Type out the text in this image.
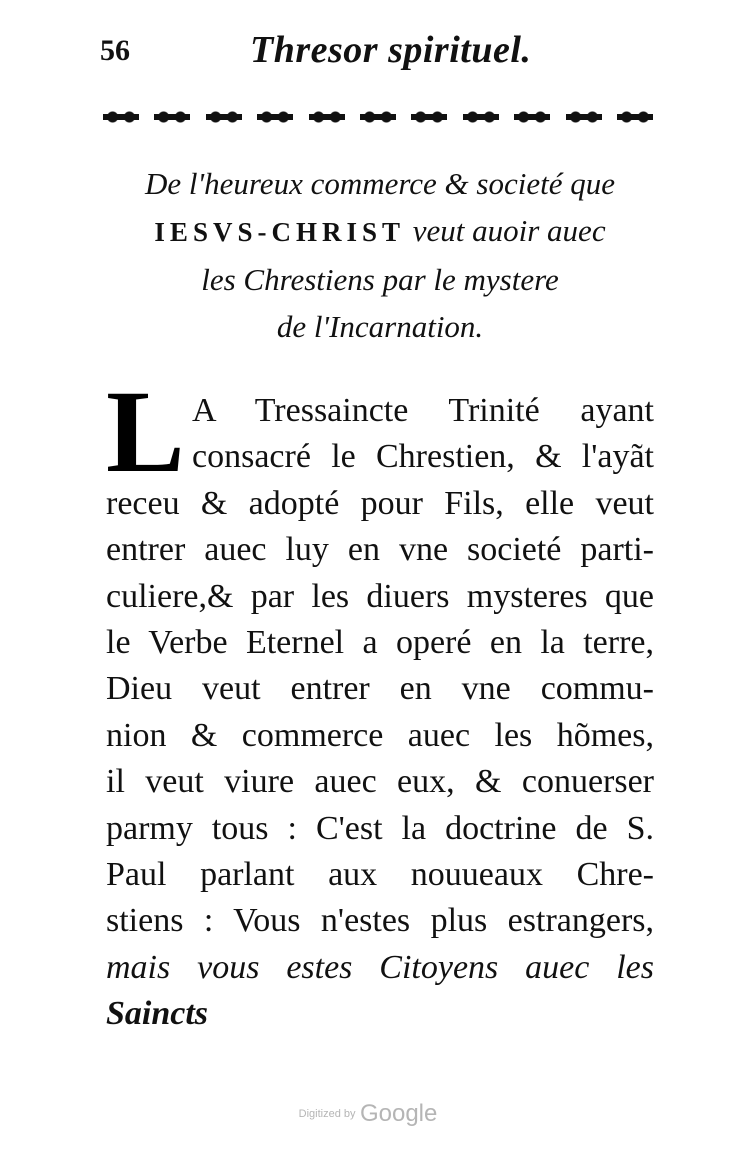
56	Thresor spirituel.
De l'heureux commerce & societé que
IESVS-CHRIST veut auoir auec
les Chrestiens par le mystere
de l'Incarnation.
L A Tressaincte Trinité ayant
consacré le Chrestien, & l'ayãt
receu & adopté pour Fils, elle veut
entrer auec luy en vne societé parti-
culiere,& par les diuers mysteres que
le Verbe Eternel a operé en la terre,
Dieu veut entrer en vne commu-
nion & commerce auec les hõmes,
il veut viure auec eux, & conuerser
parmy tous : C'est la doctrine de S.
Paul parlant aux nouueaux Chre-
stiens : Vous n'estes plus estrangers,
mais vous estes Citoyens auec les
Saincts
Digitized by Google
